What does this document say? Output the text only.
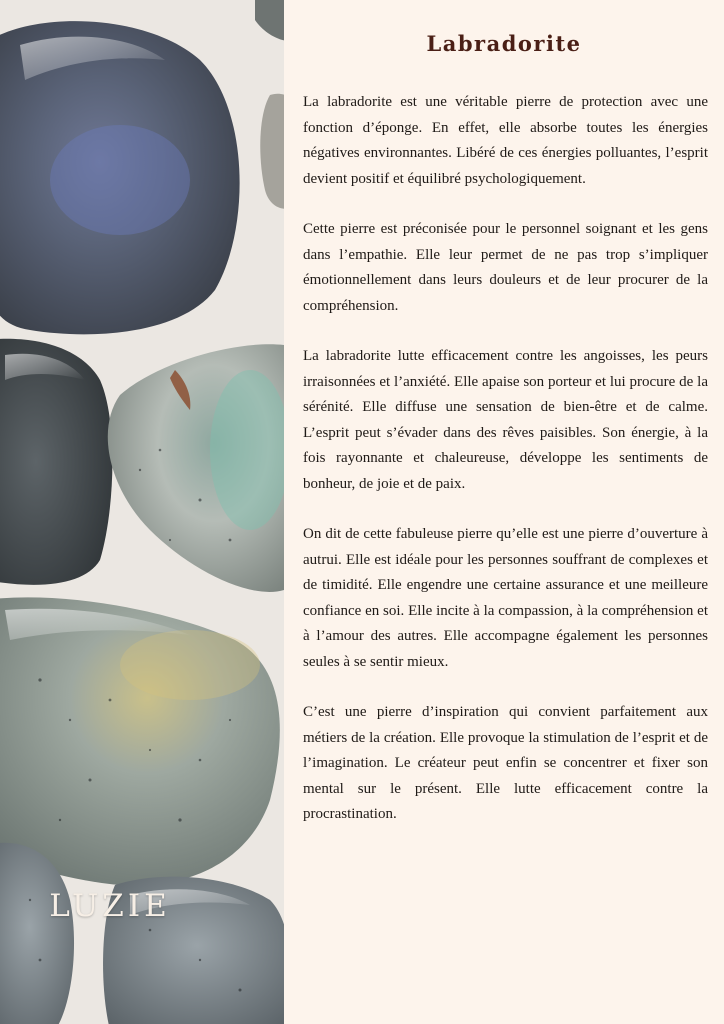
LUZIE
Labradorite

La labradorite est une véritable pierre de protection avec une fonction d’éponge. En effet, elle absorbe toutes les énergies négatives environnantes. Libéré de ces énergies polluantes, l’esprit devient positif et équilibré psychologiquement.

Cette pierre est préconisée pour le personnel soignant et les gens dans l’empathie. Elle leur permet de ne pas trop s’impliquer émotionnellement dans leurs douleurs et de leur procurer de la compréhension.

La labradorite lutte efficacement contre les angoisses, les peurs irraisonnées et l’anxiété. Elle apaise son porteur et lui procure de la sérénité. Elle diffuse une sensation de bien-être et de calme. L’esprit peut s’évader dans des rêves paisibles. Son énergie, à la fois rayonnante et chaleureuse, développe les sentiments de bonheur, de joie et de paix.

On dit de cette fabuleuse pierre qu’elle est une pierre d’ouverture à autrui. Elle est idéale pour les personnes souffrant de complexes et de timidité. Elle engendre une certaine assurance et une meilleure confiance en soi. Elle incite à la compassion, à la compréhension et à l’amour des autres. Elle accompagne également les personnes seules à se sentir mieux.

C’est une pierre d’inspiration qui convient parfaitement aux métiers de la création. Elle provoque la stimulation de l’esprit et de l’imagination. Le créateur peut enfin se concentrer et fixer son mental sur le présent. Elle lutte efficacement contre la procrastination.
